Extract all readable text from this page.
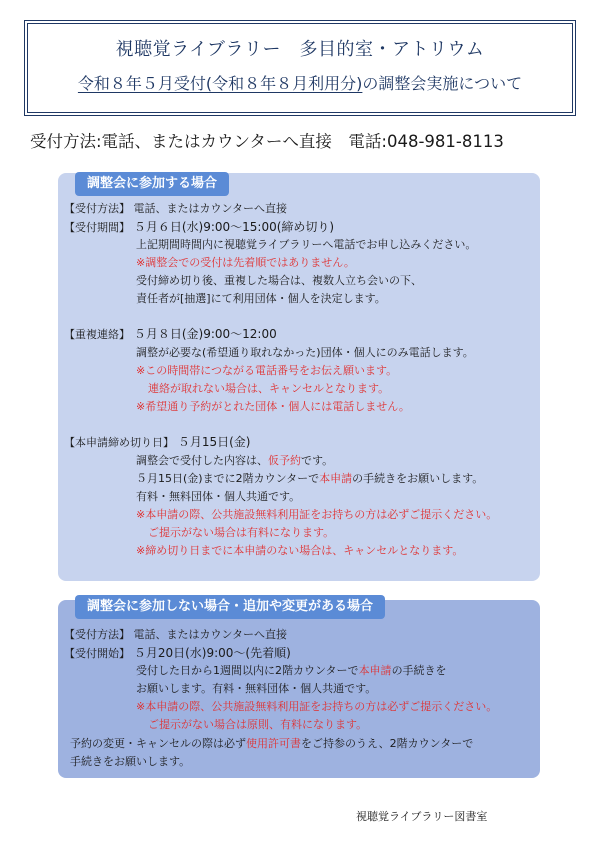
視聴覚ライブラリー　多目的室・アトリウム
令和８年５月受付(令和８年８月利用分)の調整会実施について
受付方法:電話、またはカウンターへ直接　電話:048-981-8113
調整会に参加する場合
【受付方法】 電話、またはカウンターへ直接
【受付期間】 ５月６日(水)9:00～15:00(締め切り)
上記期間時間内に視聴覚ライブラリーへ電話でお申し込みください。
※調整会での受付は先着順ではありません。
受付締め切り後、重複した場合は、複数人立ち会いの下、
責任者が[抽選]にて利用団体・個人を決定します。
【重複連絡】 ５月８日(金)9:00～12:00
調整が必要な(希望通り取れなかった)団体・個人にのみ電話します。
※この時間帯につながる電話番号をお伝え願います。
連絡が取れない場合は、キャンセルとなります。
※希望通り予約がとれた団体・個人には電話しません。
【本申請締め切り日】 ５月15日(金)
調整会で受付した内容は、仮予約です。
５月15日(金)までに2階カウンターで本申請の手続きをお願いします。
有料・無料団体・個人共通です。
※本申請の際、公共施設無料利用証をお持ちの方は必ずご提示ください。
ご提示がない場合は有料になります。
※締め切り日までに本申請のない場合は、キャンセルとなります。
調整会に参加しない場合・追加や変更がある場合
【受付方法】 電話、またはカウンターへ直接
【受付開始】 ５月20日(水)9:00～(先着順)
受付した日から1週間以内に2階カウンターで本申請の手続きを
お願いします。有料・無料団体・個人共通です。
※本申請の際、公共施設無料利用証をお持ちの方は必ずご提示ください。
ご提示がない場合は原則、有料になります。
予約の変更・キャンセルの際は必ず使用許可書をご持参のうえ、2階カウンターで
手続きをお願いします。
視聴覚ライブラリー図書室
